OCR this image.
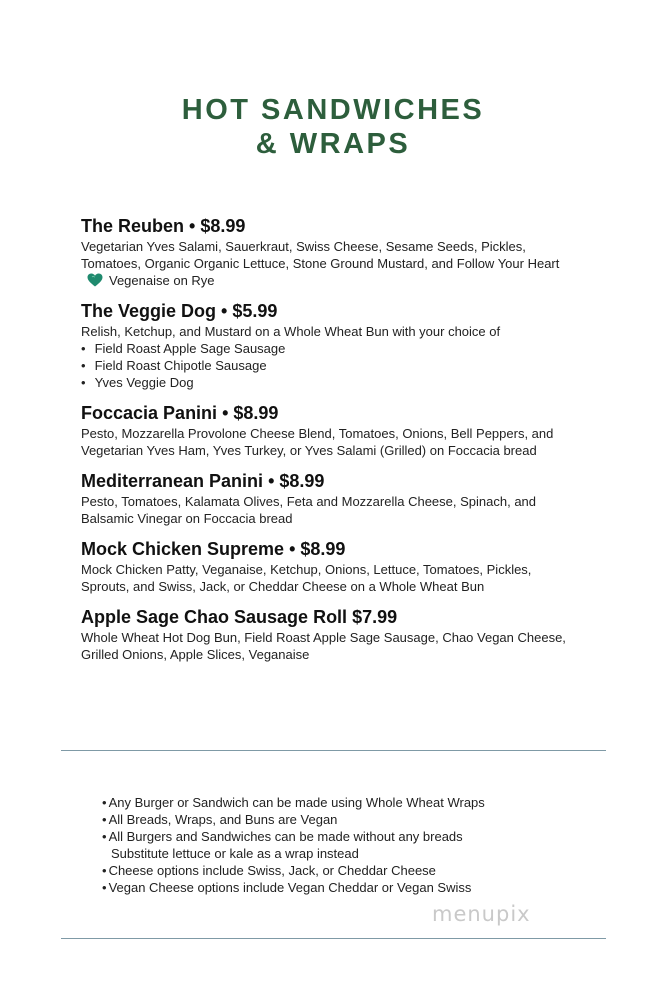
HOT SANDWICHES
& WRAPS
The Reuben • $8.99
Vegetarian Yves Salami, Sauerkraut, Swiss Cheese, Sesame Seeds, Pickles, Tomatoes, Organic Organic Lettuce, Stone Ground Mustard, and Follow Your HeartVegenaise on Rye
The Veggie Dog • $5.99
Relish, Ketchup, and Mustard on a Whole Wheat Bun with your choice of
• Field Roast Apple Sage Sausage
• Field Roast Chipotle Sausage
• Yves Veggie Dog
Foccacia Panini • $8.99
Pesto, Mozzarella Provolone Cheese Blend, Tomatoes, Onions, Bell Peppers, and Vegetarian Yves Ham, Yves Turkey, or Yves Salami (Grilled) on Foccacia bread
Mediterranean Panini • $8.99
Pesto, Tomatoes, Kalamata Olives, Feta and Mozzarella Cheese, Spinach, and Balsamic Vinegar on Foccacia bread
Mock Chicken Supreme • $8.99
Mock Chicken Patty, Veganaise, Ketchup, Onions, Lettuce, Tomatoes, Pickles, Sprouts, and Swiss, Jack, or Cheddar Cheese on a Whole Wheat Bun
Apple Sage Chao Sausage Roll $7.99
Whole Wheat Hot Dog Bun, Field Roast Apple Sage Sausage, Chao Vegan Cheese, Grilled Onions, Apple Slices, Veganaise
• Any Burger or Sandwich can be made using Whole Wheat Wraps
• All Breads, Wraps, and Buns are Vegan
• All Burgers and Sandwiches can be made without any breads
Substitute lettuce or kale as a wrap instead
• Cheese options include Swiss, Jack, or Cheddar Cheese
• Vegan Cheese options include Vegan Cheddar or Vegan Swiss
menupix
